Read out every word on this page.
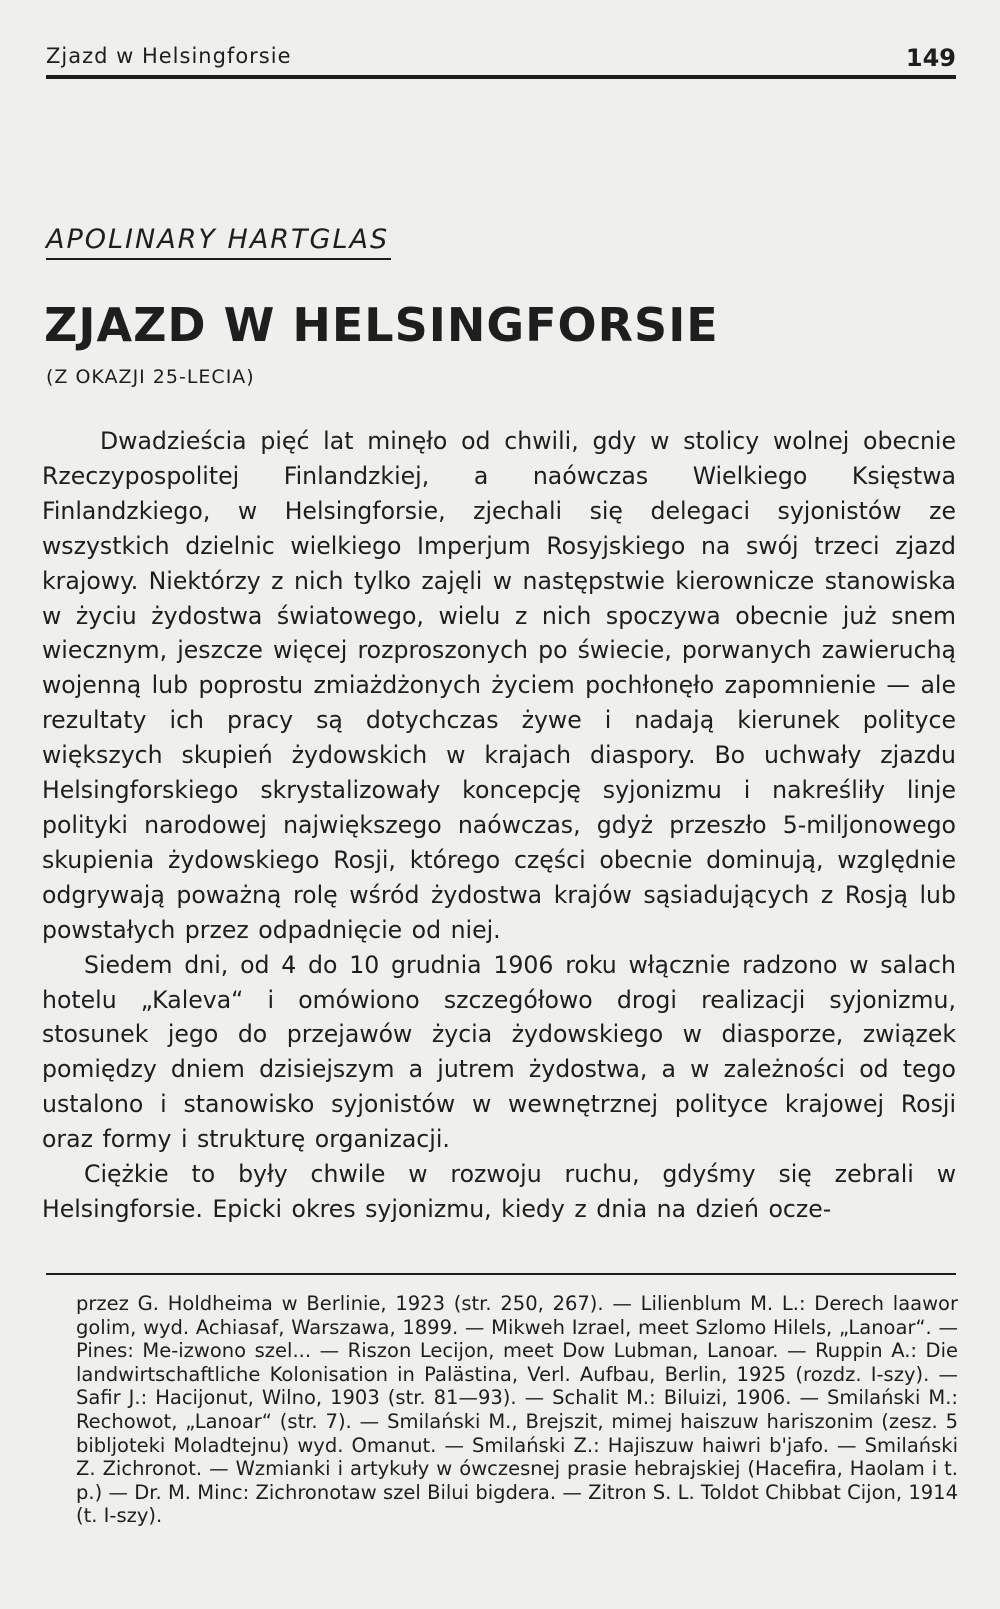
Zjazd w Helsingforsie	149
APOLINARY HARTGLAS
ZJAZD W HELSINGFORSIE
(Z OKAZJI 25-LECIA)

Dwadzieścia pięć lat minęło od chwili, gdy w stolicy wolnej obecnie Rzeczypospolitej Finlandzkiej, a naówczas Wielkiego Księstwa Finlandzkiego, w Helsingforsie, zjechali się delegaci syjonistów ze wszystkich dzielnic wielkiego Imperjum Rosyjskiego na swój trzeci zjazd krajowy. Niektórzy z nich tylko zajęli w następstwie kierownicze stanowiska w życiu żydostwa światowego, wielu z nich spoczywa obecnie już snem wiecznym, jeszcze więcej rozproszonych po świecie, porwanych zawieruchą wojenną lub poprostu zmiażdżonych życiem pochłonęło zapomnienie — ale rezultaty ich pracy są dotychczas żywe i nadają kierunek polityce większych skupień żydowskich w krajach diaspory. Bo uchwały zjazdu Helsingforskiego skrystalizowały koncepcję syjonizmu i nakreśliły linje polityki narodowej największego naówczas, gdyż przeszło 5-miljonowego skupienia żydowskiego Rosji, którego części obecnie dominują, względnie odgrywają poważną rolę wśród żydostwa krajów sąsiadujących z Rosją lub powstałych przez odpadnięcie od niej.

Siedem dni, od 4 do 10 grudnia 1906 roku włącznie radzono w salach hotelu „Kaleva“ i omówiono szczegółowo drogi realizacji syjonizmu, stosunek jego do przejawów życia żydowskiego w diasporze, związek pomiędzy dniem dzisiejszym a jutrem żydostwa, a w zależności od tego ustalono i stanowisko syjonistów w wewnętrznej polityce krajowej Rosji oraz formy i strukturę organizacji.

Ciężkie to były chwile w rozwoju ruchu, gdyśmy się zebrali w Helsingforsie. Epicki okres syjonizmu, kiedy z dnia na dzień ocze-

przez G. Holdheima w Berlinie, 1923 (str. 250, 267). — Lilienblum M. L.: Derech laawor golim, wyd. Achiasaf, Warszawa, 1899. — Mikweh Izrael, meet Szlomo Hilels, „Lanoar“. — Pines: Me-izwono szel... — Riszon Lecijon, meet Dow Lubman, Lanoar. — Ruppin A.: Die landwirtschaftliche Kolonisation in Palästina, Verl. Aufbau, Berlin, 1925 (rozdz. I-szy). — Safir J.: Hacijonut, Wilno, 1903 (str. 81—93). — Schalit M.: Biluizi, 1906. — Smilański M.: Rechowot, „Lanoar“ (str. 7). — Smilański M., Brejszit, mimej haiszuw hariszonim (zesz. 5 bibljoteki Moladtejnu) wyd. Omanut. — Smilański Z.: Hajiszuw haiwri b'jafo. — Smilański Z. Zichronot. — Wzmianki i artykuły w ówczesnej prasie hebrajskiej (Hacefira, Haolam i t. p.) — Dr. M. Minc: Zichronotaw szel Bilui bigdera. — Zitron S. L. Toldot Chibbat Cijon, 1914 (t. I-szy).
